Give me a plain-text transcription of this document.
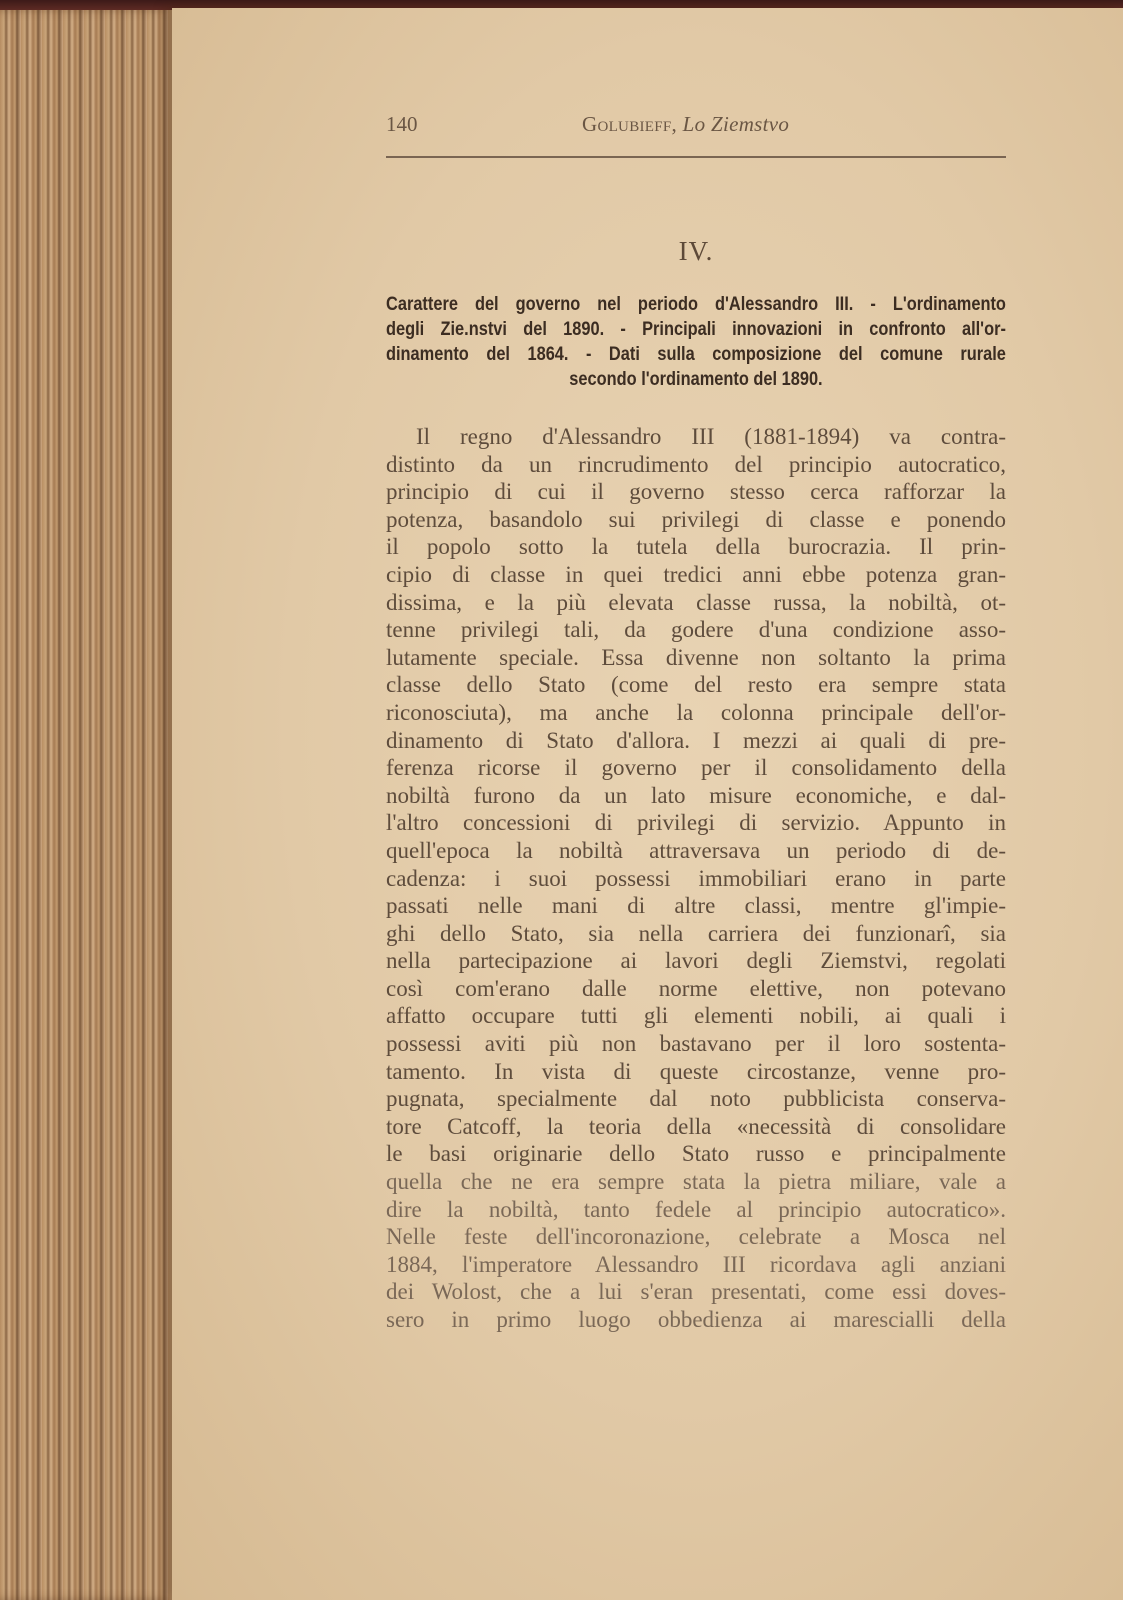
140	Golubieff, Lo Ziemstvo
IV.
Carattere del governo nel periodo d'Alessandro III. - L'ordinamento
degli Zie.nstvi del 1890. - Principali innovazioni in confronto all'or-
dinamento del 1864. - Dati sulla composizione del comune rurale
secondo l'ordinamento del 1890.
Il regno d'Alessandro III (1881-1894) va contra-
distinto da un rincrudimento del principio autocratico,
principio di cui il governo stesso cerca rafforzar la
potenza, basandolo sui privilegi di classe e ponendo
il popolo sotto la tutela della burocrazia. Il prin-
cipio di classe in quei tredici anni ebbe potenza gran-
dissima, e la più elevata classe russa, la nobiltà, ot-
tenne privilegi tali, da godere d'una condizione asso-
lutamente speciale. Essa divenne non soltanto la prima
classe dello Stato (come del resto era sempre stata
riconosciuta), ma anche la colonna principale dell'or-
dinamento di Stato d'allora. I mezzi ai quali di pre-
ferenza ricorse il governo per il consolidamento della
nobiltà furono da un lato misure economiche, e dal-
l'altro concessioni di privilegi di servizio. Appunto in
quell'epoca la nobiltà attraversava un periodo di de-
cadenza: i suoi possessi immobiliari erano in parte
passati nelle mani di altre classi, mentre gl'impie-
ghi dello Stato, sia nella carriera dei funzionarî, sia
nella partecipazione ai lavori degli Ziemstvi, regolati
così com'erano dalle norme elettive, non potevano
affatto occupare tutti gli elementi nobili, ai quali i
possessi aviti più non bastavano per il loro sostenta-
tamento. In vista di queste circostanze, venne pro-
pugnata, specialmente dal noto pubblicista conserva-
tore Catcoff, la teoria della «necessità di consolidare
le basi originarie dello Stato russo e principalmente
quella che ne era sempre stata la pietra miliare, vale a
dire la nobiltà, tanto fedele al principio autocratico».
Nelle feste dell'incoronazione, celebrate a Mosca nel
1884, l'imperatore Alessandro III ricordava agli anziani
dei Wolost, che a lui s'eran presentati, come essi doves-
sero in primo luogo obbedienza ai marescialli della
